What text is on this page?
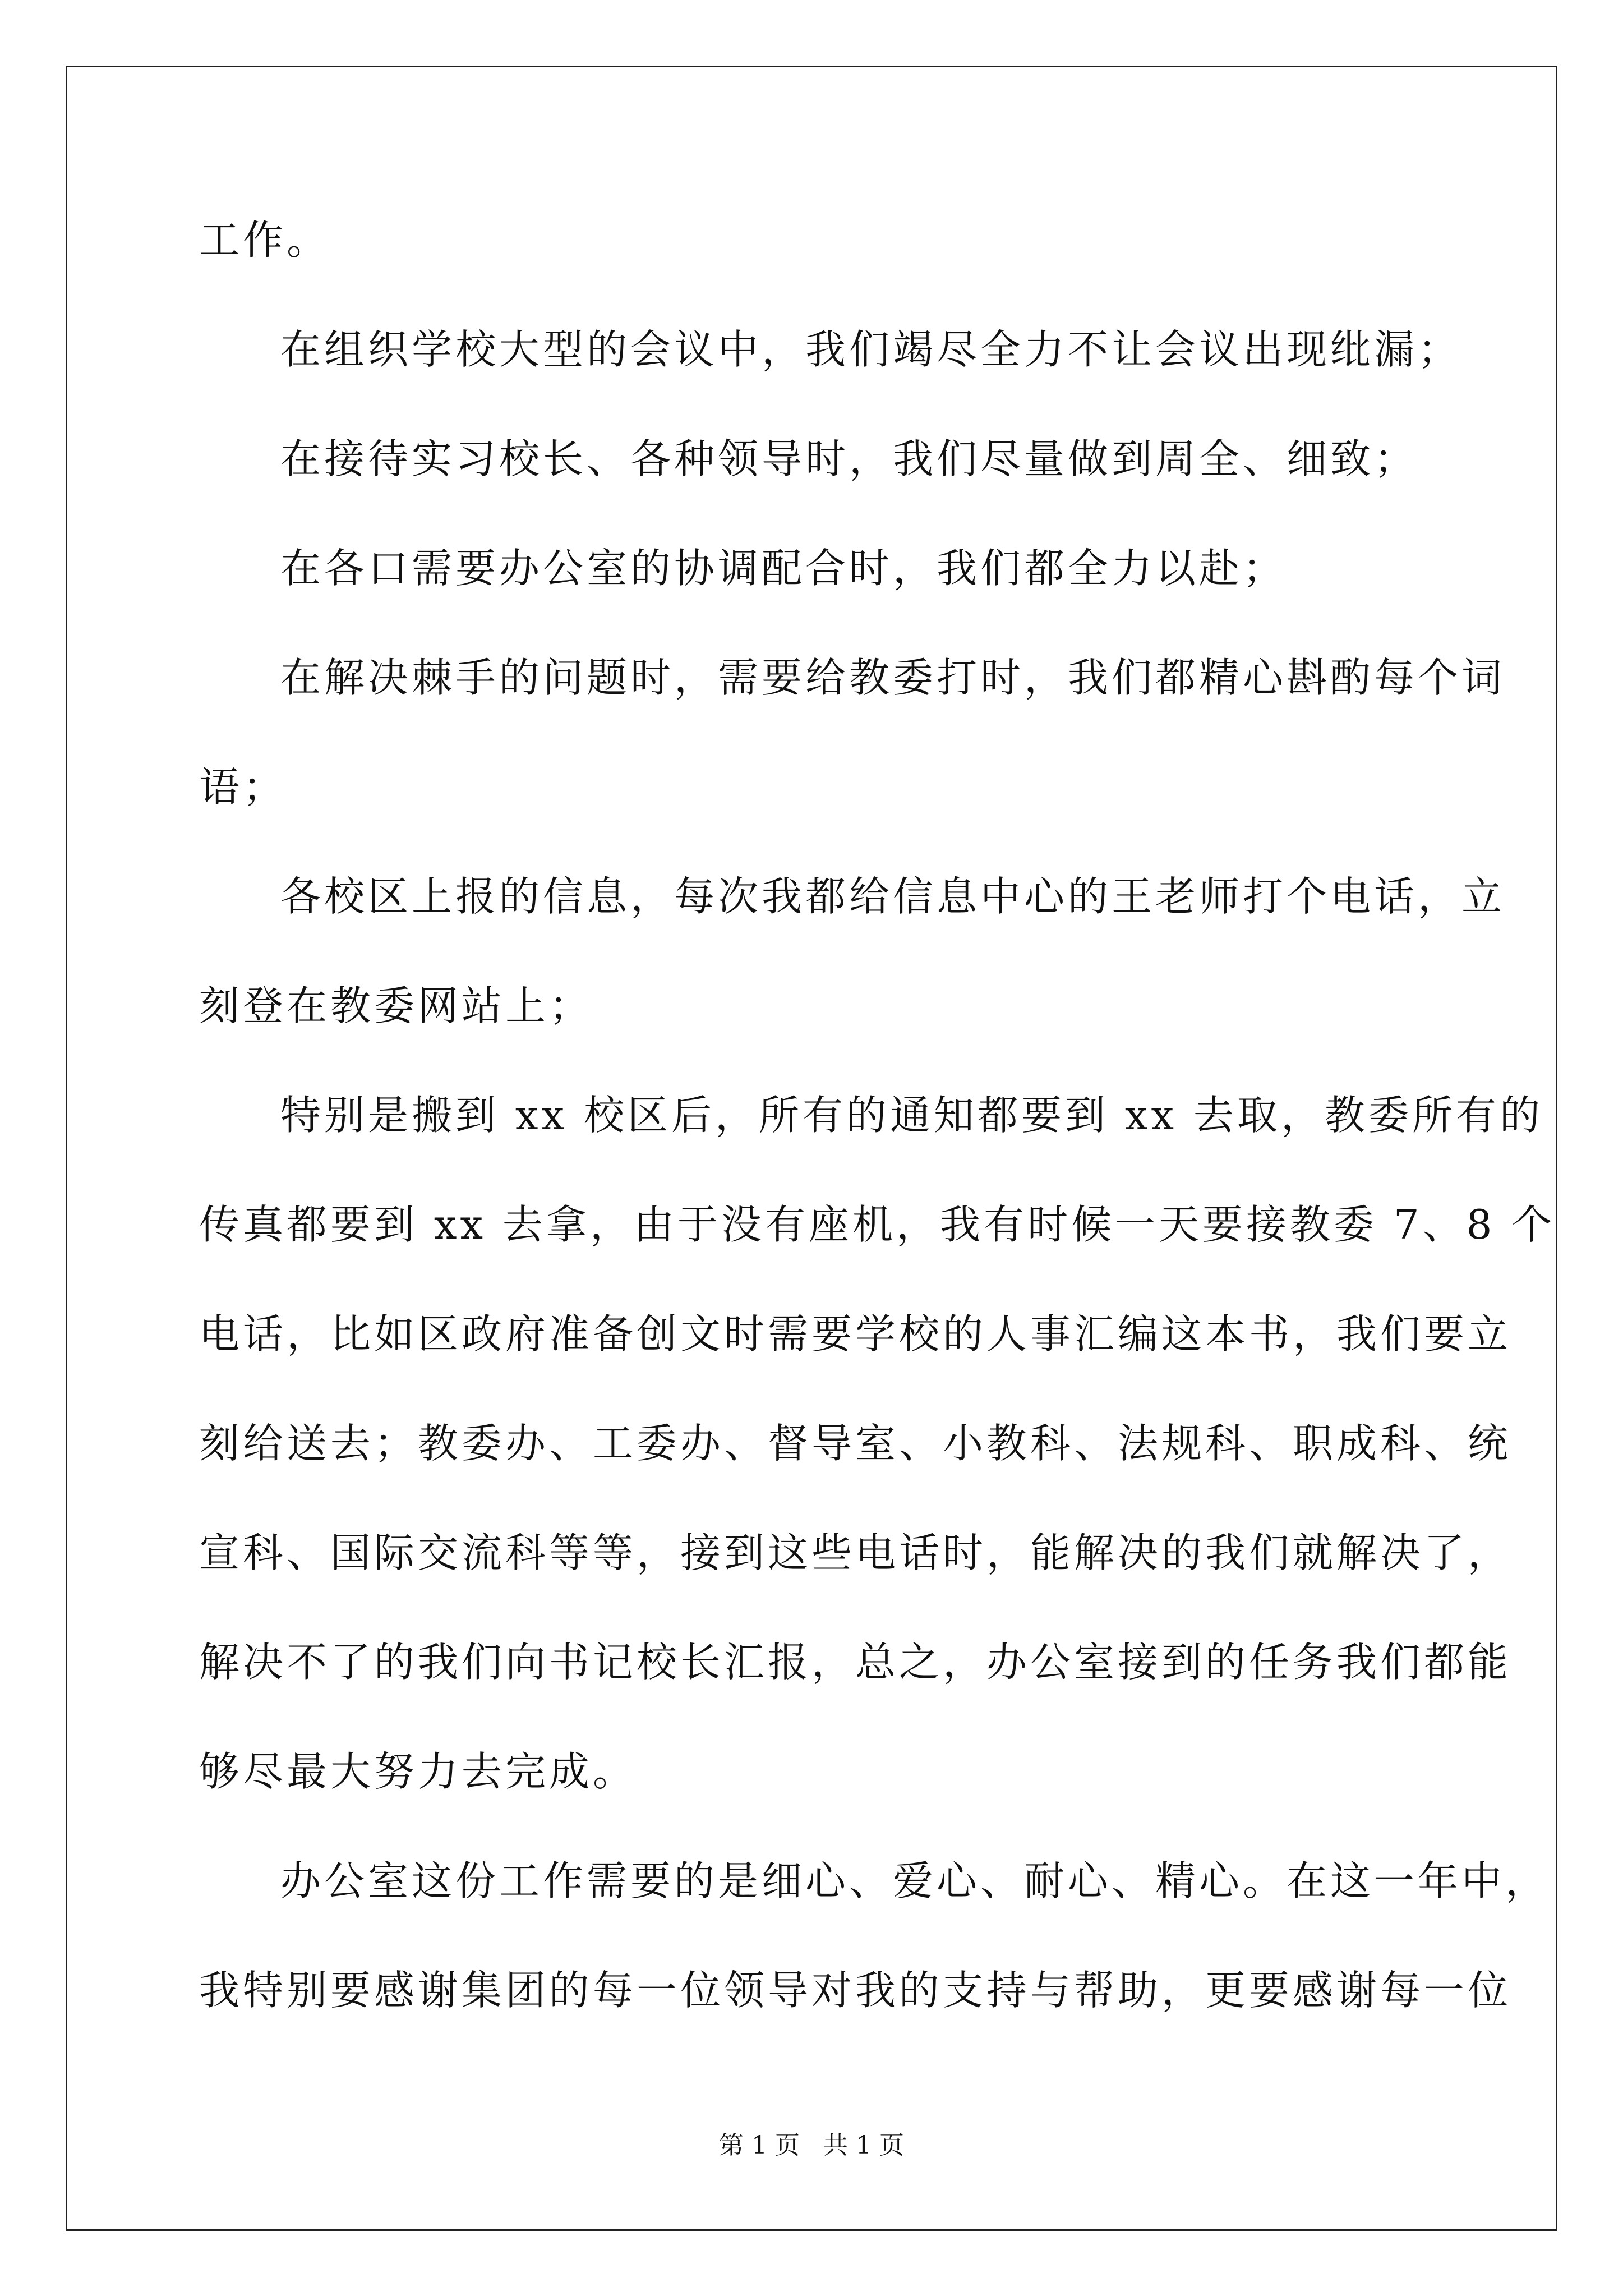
工作。
在组织学校大型的会议中，我们竭尽全力不让会议出现纰漏；
在接待实习校长、各种领导时，我们尽量做到周全、细致；
在各口需要办公室的协调配合时，我们都全力以赴；
在解决棘手的问题时，需要给教委打时，我们都精心斟酌每个词
语；
各校区上报的信息，每次我都给信息中心的王老师打个电话，立
刻登在教委网站上；
特别是搬到 xx 校区后，所有的通知都要到 xx 去取，教委所有的
传真都要到 xx 去拿，由于没有座机，我有时候一天要接教委 7、8 个
电话，比如区政府准备创文时需要学校的人事汇编这本书，我们要立
刻给送去；教委办、工委办、督导室、小教科、法规科、职成科、统
宣科、国际交流科等等，接到这些电话时，能解决的我们就解决了，
解决不了的我们向书记校长汇报，总之，办公室接到的任务我们都能
够尽最大努力去完成。
办公室这份工作需要的是细心、爱心、耐心、精心。在这一年中，
我特别要感谢集团的每一位领导对我的支持与帮助，更要感谢每一位
第 1 页 共 1 页
